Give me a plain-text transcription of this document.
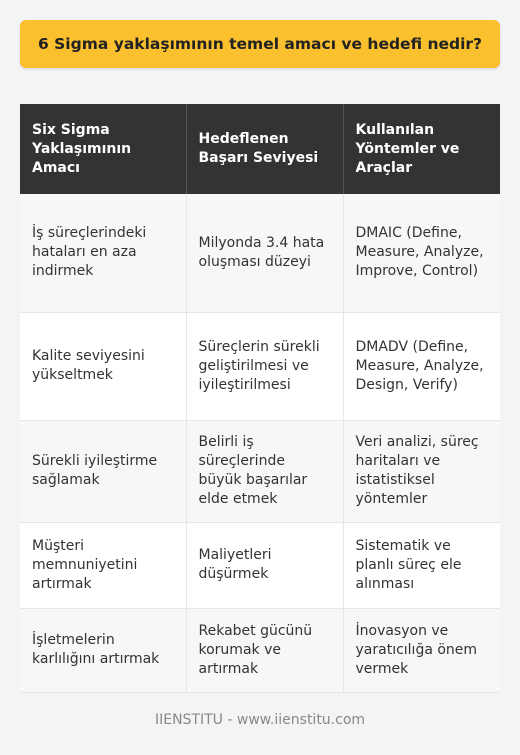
6 Sigma yaklaşımının temel amacı ve hedefi nedir?
Six Sigma Yaklaşımının Amacı	Hedeflenen Başarı Seviyesi	Kullanılan Yöntemler ve Araçlar
İş süreçlerindeki hataları en aza indirmek	Milyonda 3.4 hata oluşması düzeyi	DMAIC (Define, Measure, Analyze, Improve, Control)
Kalite seviyesini yükseltmek	Süreçlerin sürekli geliştirilmesi ve iyileştirilmesi	DMADV (Define, Measure, Analyze, Design, Verify)
Sürekli iyileştirme sağlamak	Belirli iş süreçlerinde büyük başarılar elde etmek	Veri analizi, süreç haritaları ve istatistiksel yöntemler
Müşteri memnuniyetini artırmak	Maliyetleri düşürmek	Sistematik ve planlı süreç ele alınması
İşletmelerin karlılığını artırmak	Rekabet gücünü korumak ve artırmak	İnovasyon ve yaratıcılığa önem vermek
IIENSTITU - www.iienstitu.com
